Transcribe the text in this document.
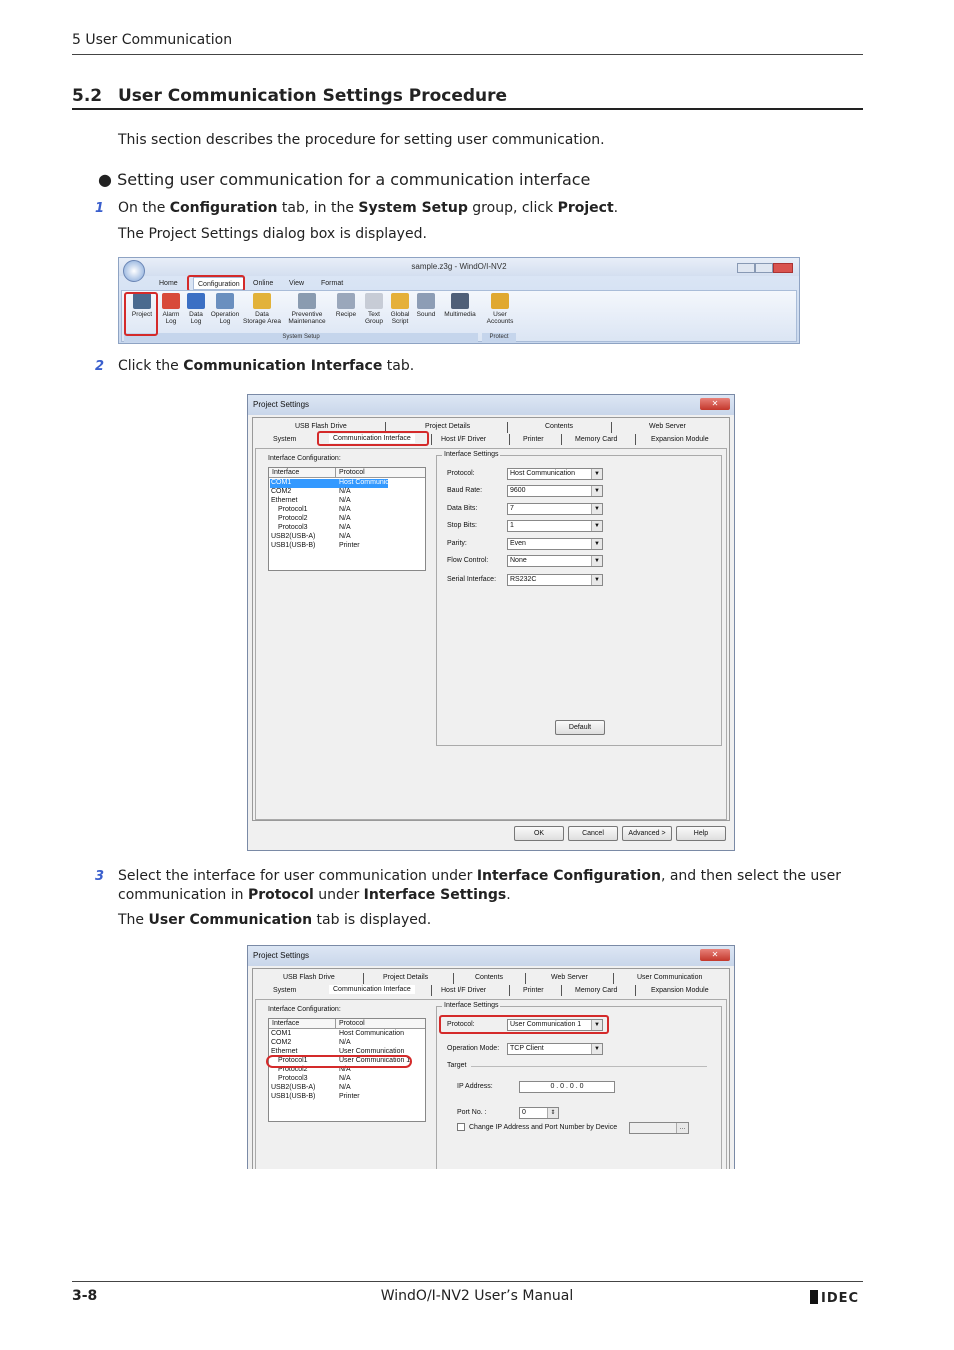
5 User Communication
5.2 User Communication Settings Procedure
This section describes the procedure for setting user communication.
● Setting user communication for a communication interface
1 On the Configuration tab, in the System Setup group, click Project.
The Project Settings dialog box is displayed.
sample.z3g - WindO/I-NV2
Home	Configuration	Online View Format
Project	Alarm
Log
Data
Log
Operation
Log
Data
Storage Area
Preventive
Maintenance
Recipe	Text
Group
Global
Script
Sound	Multimedia	User
Accounts
System Setup	Protect
2 Click the Communication Interface tab.
Project Settings	✕
USB Flash Drive	Project Details	Contents	Web Server
System	Communication Interface	Host I/F Driver	Printer	Memory Card	Expansion Module
Interface Configuration:
Interface	Protocol
COM1	Host Communication
COM2	N/A
Ethernet	N/A
Protocol1	N/A
Protocol2	N/A
Protocol3	N/A
USB2(USB-A)	N/A
USB1(USB-B)	Printer
Interface Settings
Protocol:	Host Communication	▼
Baud Rate:	9600	▼
Data Bits:	7	▼
Stop Bits:	1	▼
Parity:	Even	▼
Flow Control:	None	▼
Serial Interface:	RS232C	▼
Default
OK	Cancel	Advanced >	Help
3 Select the interface for user communication under Interface Configuration, and then select the user
communication in Protocol under Interface Settings.
The User Communication tab is displayed.
Project Settings	✕
USB Flash Drive	Project Details	Contents	Web Server	User Communication
System	Communication Interface	Host I/F Driver	Printer	Memory Card	Expansion Module
Interface Configuration:
Interface	Protocol
COM1	Host Communication
COM2	N/A
Ethernet	User Communication
Protocol1	User Communication 1
Protocol2	N/A
Protocol3	N/A
USB2(USB-A)	N/A
USB1(USB-B)	Printer
Interface Settings
Protocol:	User Communication 1	▼
Operation Mode:	TCP Client	▼
Target
IP Address:	0 . 0 . 0 . 0
Port No. :	0	⇕
Change IP Address and Port Number by Device	…
3-8	WindO/I-NV2 User’s Manual	IDEC
